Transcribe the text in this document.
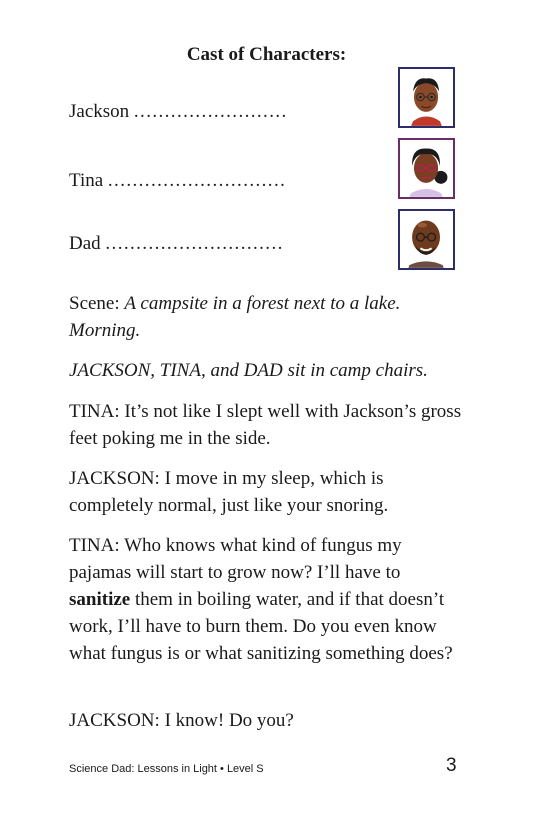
Cast of Characters:
Jackson .........................
Tina .............................
Dad .............................
Scene: A campsite in a forest next to a lake. Morning.
JACKSON, TINA, and DAD sit in camp chairs.
TINA: It’s not like I slept well with Jackson’s gross feet poking me in the side.
JACKSON: I move in my sleep, which is completely normal, just like your snoring.
TINA: Who knows what kind of fungus my pajamas will start to grow now? I’ll have to sanitize them in boiling water, and if that doesn’t work, I’ll have to burn them. Do you even know what fungus is or what sanitizing something does?
JACKSON: I know! Do you?
Science Dad: Lessons in Light • Level S	3
